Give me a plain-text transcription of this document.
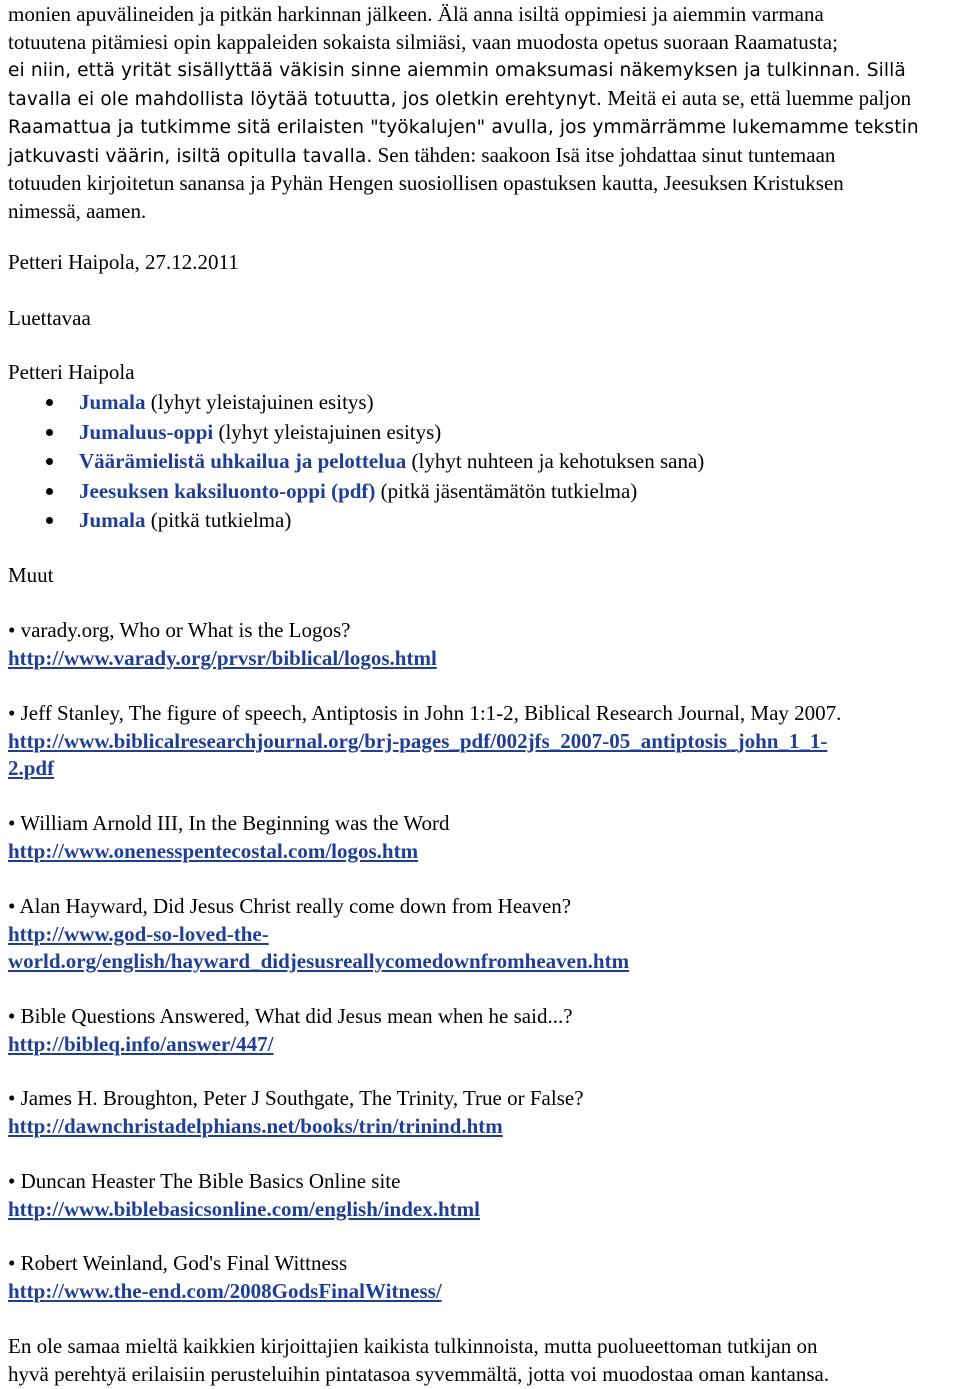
monien apuvälineiden ja pitkän harkinnan jälkeen. Älä anna isiltä oppimiesi ja aiemmin varmana
totuutena pitämiesi opin kappaleiden sokaista silmiäsi, vaan muodosta opetus suoraan Raamatusta;
ei niin, että yrität sisällyttää väkisin sinne aiemmin omaksumasi näkemyksen ja tulkinnan. Sillä
tavalla ei ole mahdollista löytää totuutta, jos oletkin erehtynyt. Meitä ei auta se, että luemme paljon
Raamattua ja tutkimme sitä erilaisten "työkalujen" avulla, jos ymmärrämme lukemamme tekstin
jatkuvasti väärin, isiltä opitulla tavalla. Sen tähden: saakoon Isä itse johdattaa sinut tuntemaan
totuuden kirjoitetun sanansa ja Pyhän Hengen suosiollisen opastuksen kautta, Jeesuksen Kristuksen
nimessä, aamen.
Petteri Haipola, 27.12.2011
Luettavaa
Petteri Haipola
Jumala (lyhyt yleistajuinen esitys)
Jumaluus-oppi (lyhyt yleistajuinen esitys)
Väärämielistä uhkailua ja pelottelua (lyhyt nuhteen ja kehotuksen sana)
Jeesuksen kaksiluonto-oppi (pdf) (pitkä jäsentämätön tutkielma)
Jumala (pitkä tutkielma)
Muut
• varady.org, Who or What is the Logos?
http://www.varady.org/prvsr/biblical/logos.html
• Jeff Stanley, The figure of speech, Antiptosis in John 1:1-2, Biblical Research Journal, May 2007.
http://www.biblicalresearchjournal.org/brj-pages_pdf/002jfs_2007-05_antiptosis_john_1_1-
2.pdf
• William Arnold III, In the Beginning was the Word
http://www.onenesspentecostal.com/logos.htm
• Alan Hayward, Did Jesus Christ really come down from Heaven?
http://www.god-so-loved-the-
world.org/english/hayward_didjesusreallycomedownfromheaven.htm
• Bible Questions Answered, What did Jesus mean when he said...?
http://bibleq.info/answer/447/
• James H. Broughton, Peter J Southgate, The Trinity, True or False?
http://dawnchristadelphians.net/books/trin/trinind.htm
• Duncan Heaster The Bible Basics Online site
http://www.biblebasicsonline.com/english/index.html
• Robert Weinland, God's Final Wittness
http://www.the-end.com/2008GodsFinalWitness/
En ole samaa mieltä kaikkien kirjoittajien kaikista tulkinnoista, mutta puolueettoman tutkijan on
hyvä perehtyä erilaisiin perusteluihin pintatasoa syvemmältä, jotta voi muodostaa oman kantansa.
